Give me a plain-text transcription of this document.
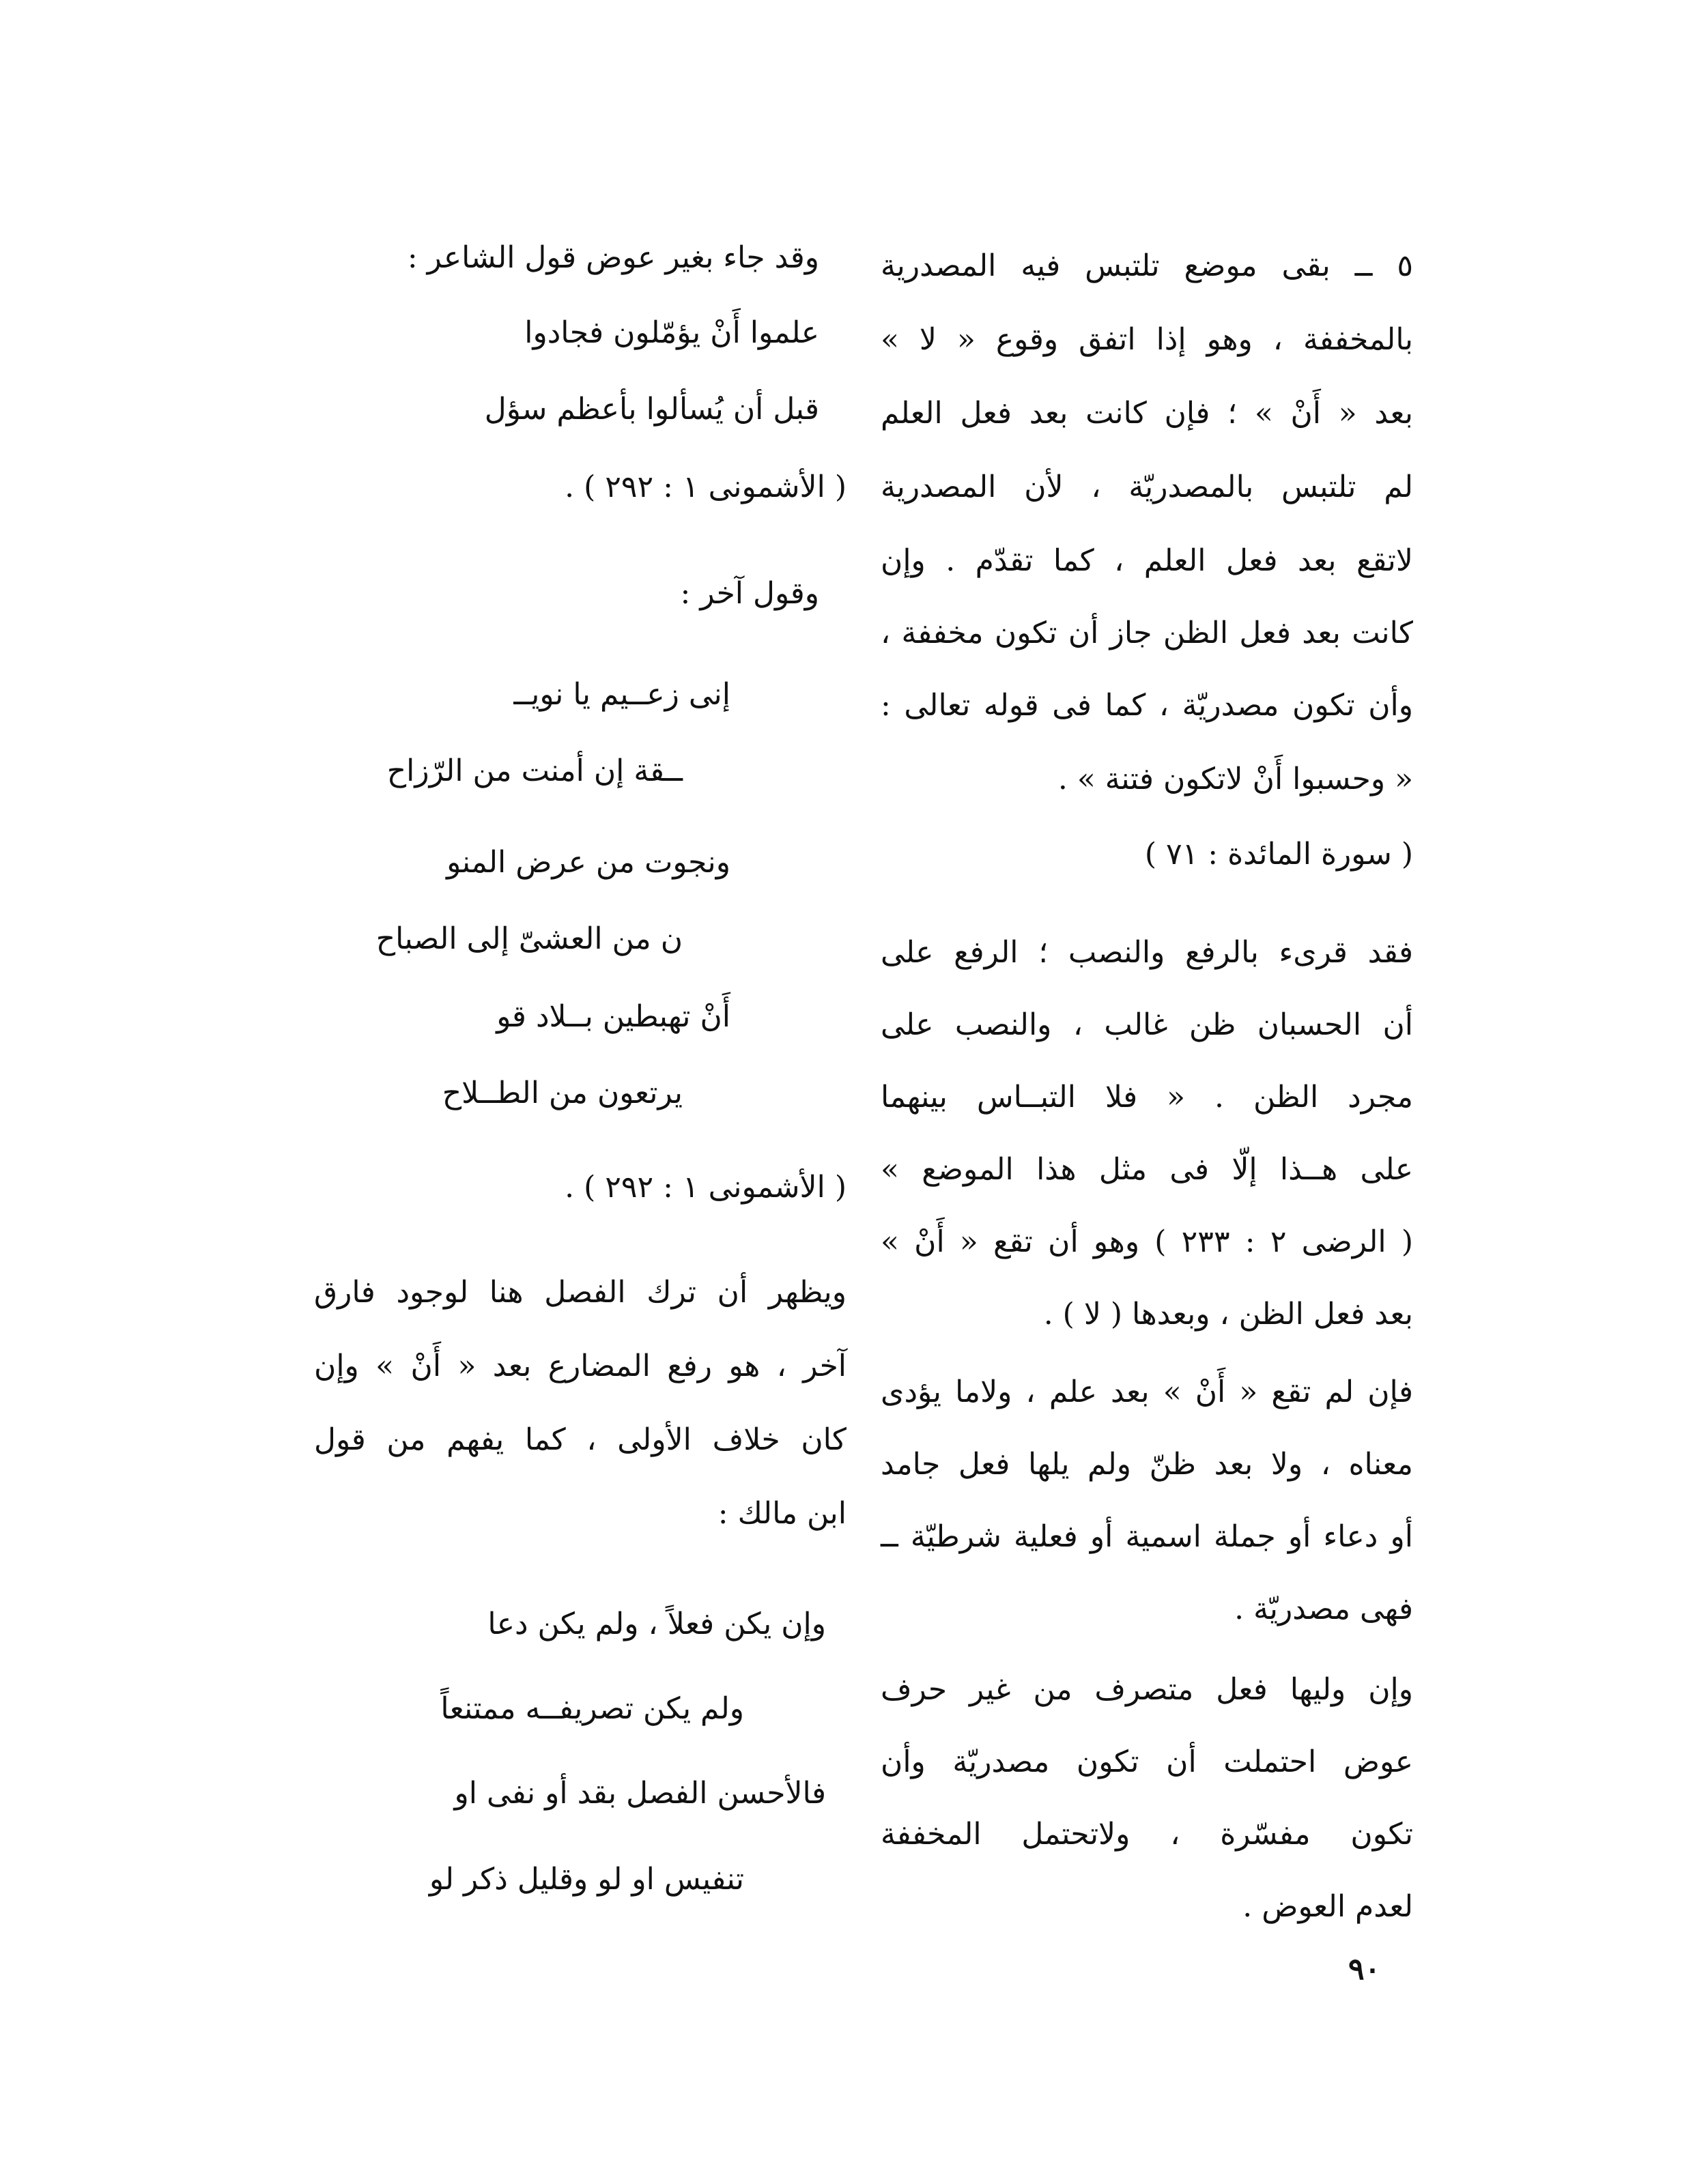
٥ ــ بقى موضع تلتبس فيه المصدرية
بالمخففة ، وهو إذا اتفق وقوع « لا »
بعد « أَنْ » ؛ فإن كانت بعد فعل العلم
لم تلتبس بالمصدريّة ، لأن المصدرية
لاتقع بعد فعل العلم ، كما تقدّم . وإن
كانت بعد فعل الظن جاز أن تكون مخففة ،
وأن تكون مصدريّة ، كما فى قوله تعالى :
« وحسبوا أَنْ لاتكون فتنة » .
( سورة المائدة : ٧١ )
فقد قرىء بالرفع والنصب ؛ الرفع على
أن الحسبان ظن غالب ، والنصب على
مجرد الظن . « فلا التبــاس بينهما
على هــذا إلّا فى مثل هذا الموضع »
( الرضى ٢ : ٢٣٣ ) وهو أن تقع « أَنْ »
بعد فعل الظن ، وبعدها ( لا ) .
فإن لم تقع « أَنْ » بعد علم ، ولاما يؤدى
معناه ، ولا بعد ظنّ ولم يلها فعل جامد
أو دعاء أو جملة اسمية أو فعلية شرطيّة ــ
فهى مصدريّة .
وإن وليها فعل متصرف من غير حرف
عوض احتملت أن تكون مصدريّة وأن
تكون مفسّرة ، ولاتحتمل المخففة
لعدم العوض .
وقد جاء بغير عوض قول الشاعر :
علموا أَنْ يؤمّلون فجادوا
قبل أن يُسألوا بأعظم سؤل
( الأشمونى ١ : ٢٩٢ ) .
وقول آخر :
إنى زعــيم يا نويــ
ــقة إن أمنت من الرّزاح
ونجوت من عرض المنو
ن من العشىّ إلى الصباح
أَنْ تهبطين بــلاد قو
يرتعون من الطــلاح
( الأشمونى ١ : ٢٩٢ ) .
ويظهر أن ترك الفصل هنا لوجود فارق
آخر ، هو رفع المضارع بعد « أَنْ » وإن
كان خلاف الأولى ، كما يفهم من قول
ابن مالك :
وإن يكن فعلاً ، ولم يكن دعا
ولم يكن تصريفــه ممتنعاً
فالأحسن الفصل بقد أو نفى او
تنفيس او لو وقليل ذكر لو
٩٠
